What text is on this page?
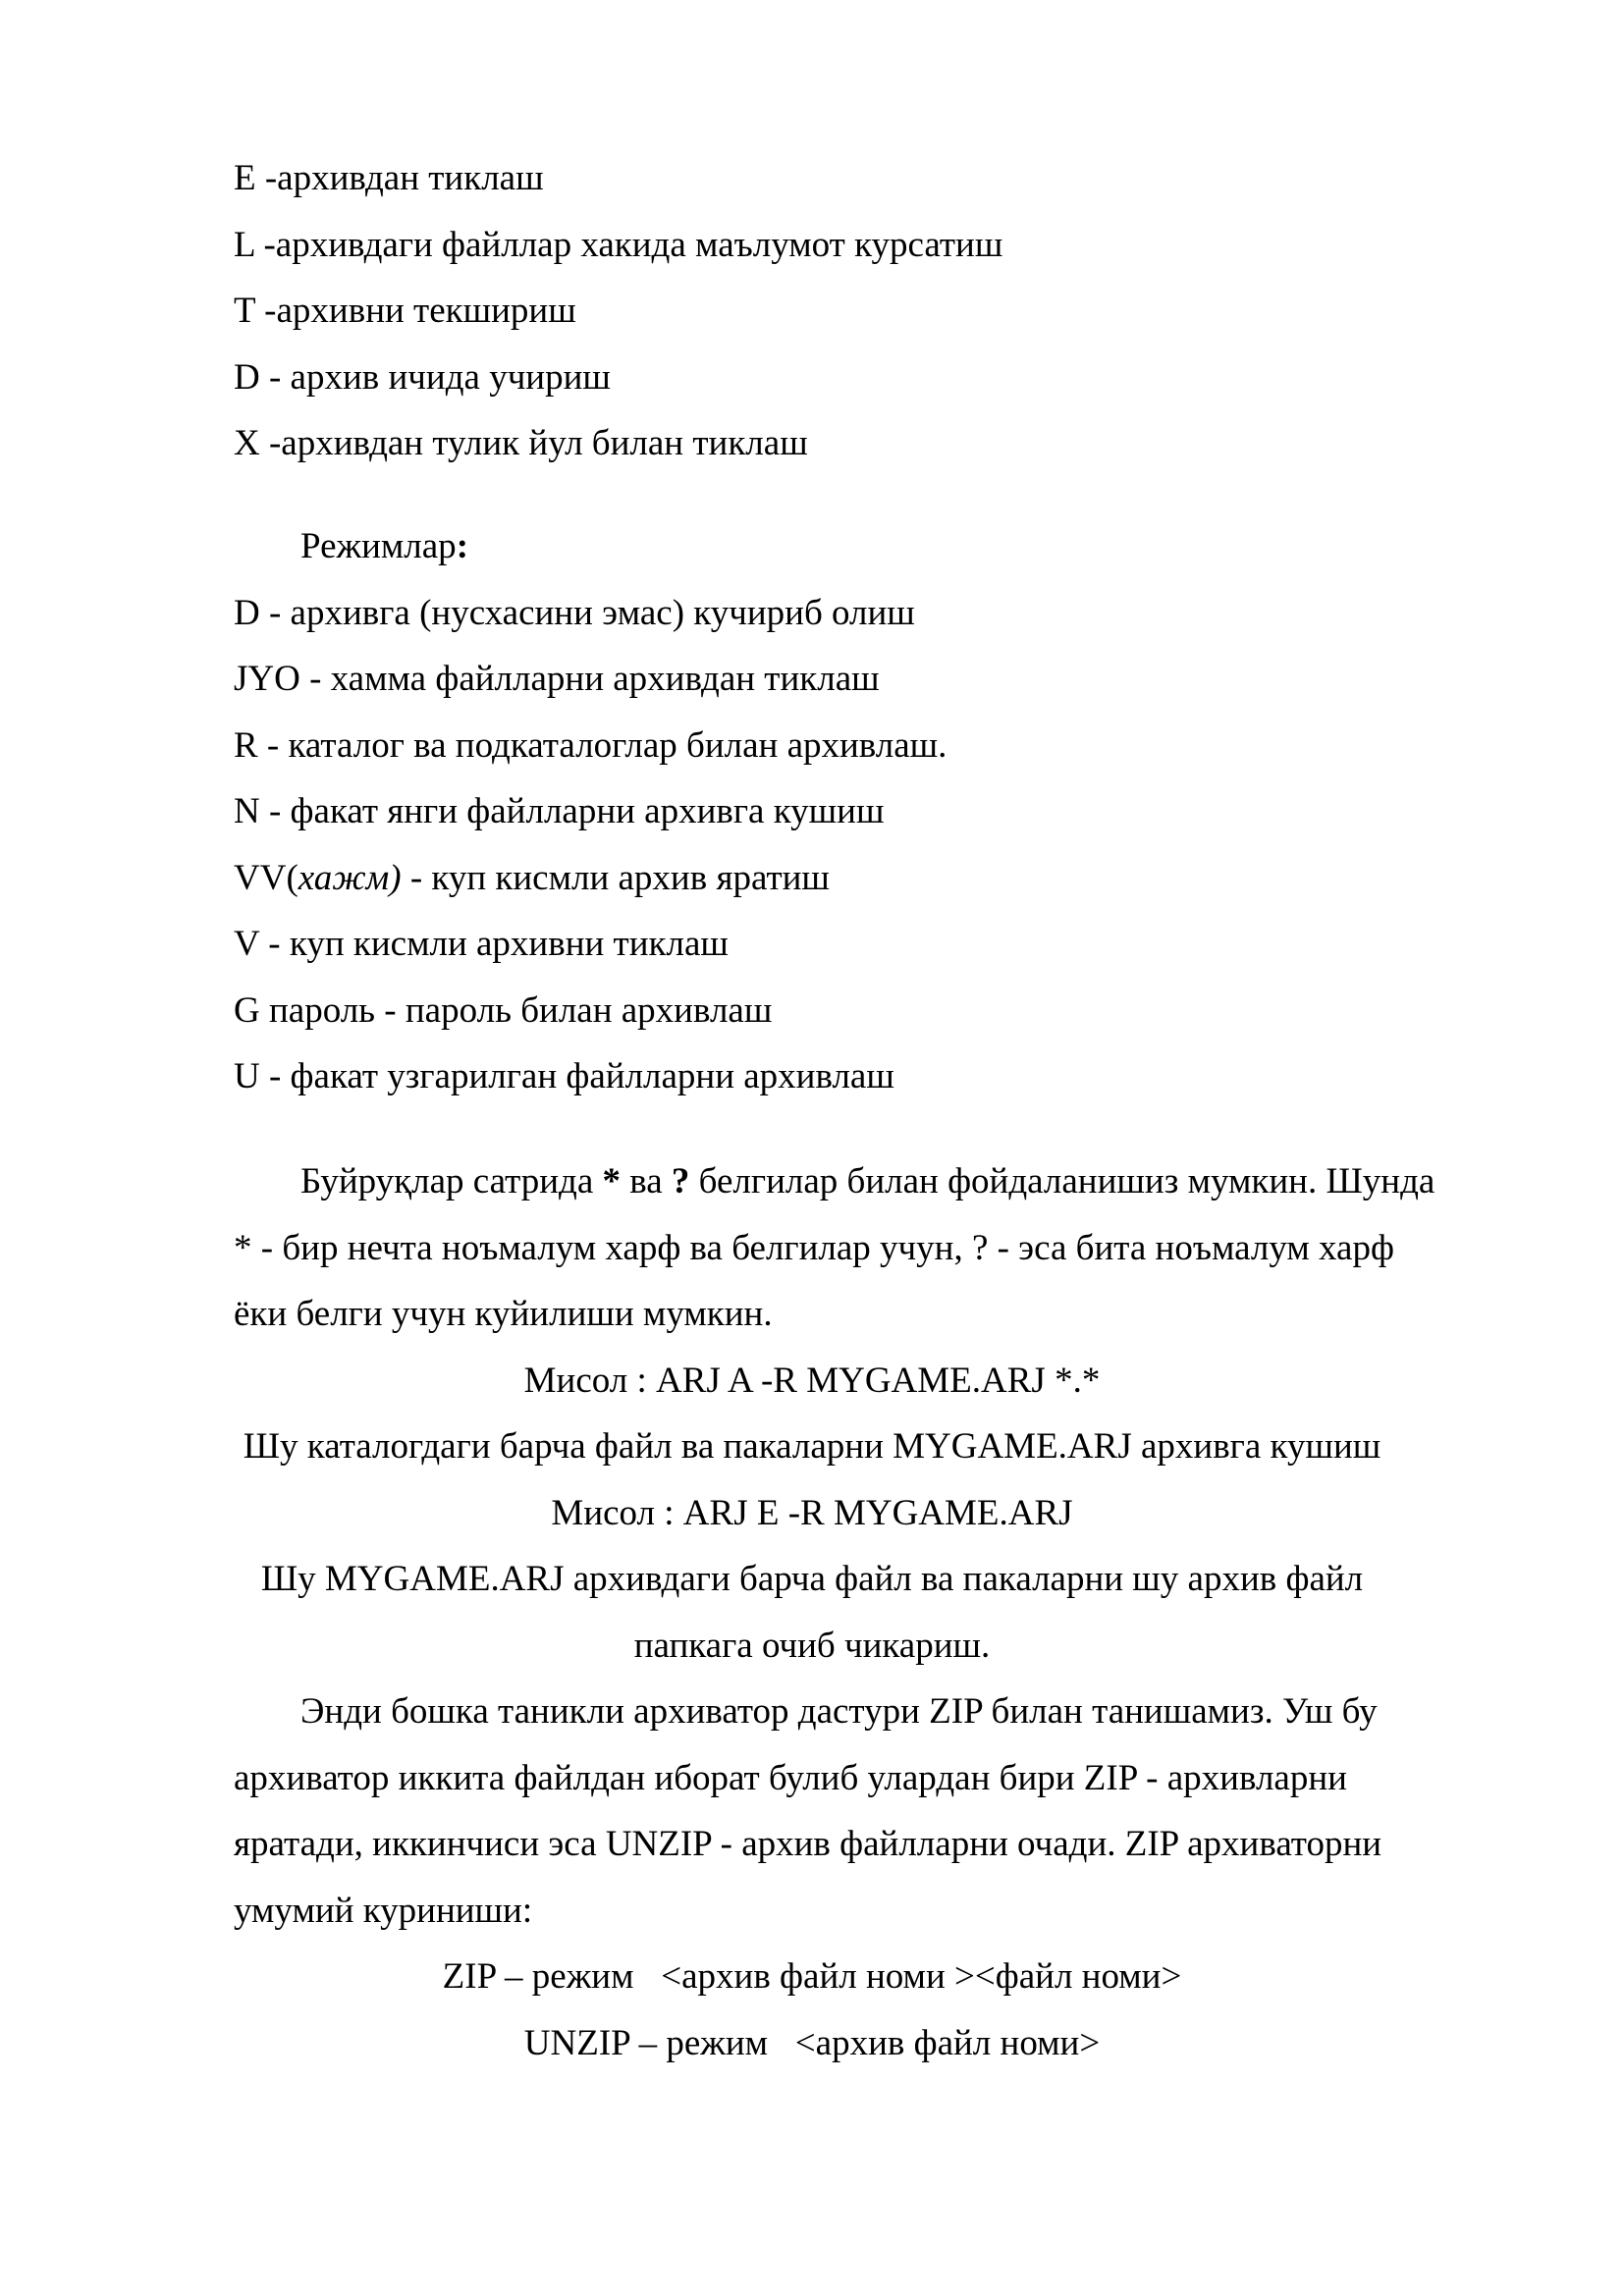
E -архивдан тиклаш
L -архивдаги файллар хакида маълумот курсатиш
T -архивни текшириш
D - архив ичида учириш
X -архивдан тулик йул билан тиклаш
Режимлар:
D - архивга (нусхасини эмас) кучириб олиш
JYO - хамма файлларни архивдан тиклаш
R - каталог ва подкаталоглар билан архивлаш.
N - факат янги файлларни архивга кушиш
VV(хажм) - куп кисмли архив яратиш
V - куп кисмли архивни тиклаш
G пароль - пароль билан архивлаш
U - факат узгарилган файлларни архивлаш
Буйруқлар сатрида * ва ? белгилар билан фойдаланишиз мумкин. Шунда
* - бир нечта ноъмалум харф ва белгилар учун, ? - эса бита ноъмалум харф
ёки белги учун куйилиши мумкин.
Мисол : ARJ A -R MYGAME.ARJ *.*
Шу каталогдаги барча файл ва пакаларни MYGAME.ARJ архивга кушиш
Мисол : ARJ E -R MYGAME.ARJ
Шу MYGAME.ARJ архивдаги барча файл ва пакаларни шу архив файл
папкага очиб чикариш.
Энди бошка таникли архиватор дастури ZIP билан танишамиз. Уш бу
архиватор иккита файлдан иборат булиб улардан бири ZIP - архивларни
яратади, иккинчиси эса UNZIP - архив файлларни очади. ZIP архиваторни
умумий куриниши:
ZIP – режим   <архив файл номи ><файл номи>
UNZIP – режим   <архив файл номи>
